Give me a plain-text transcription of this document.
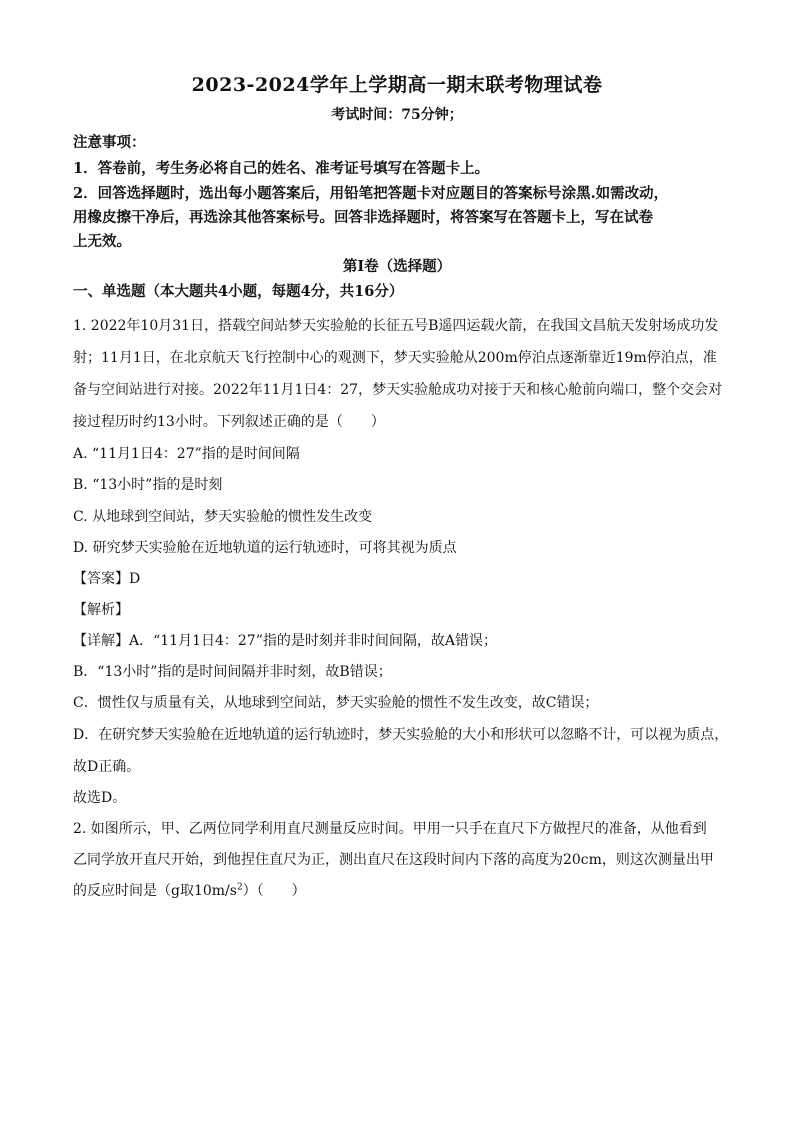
2023-2024学年上学期高一期末联考物理试卷
考试时间：75分钟；
注意事项：
1．答卷前，考生务必将自己的姓名、准考证号填写在答题卡上。
2．回答选择题时，选出每小题答案后，用铅笔把答题卡对应题目的答案标号涂黑.如需改动，
用橡皮擦干净后，再选涂其他答案标号。回答非选择题时，将答案写在答题卡上，写在试卷
上无效。
第Ⅰ卷（选择题）
一、单选题（本大题共4小题，每题4分，共16分）
1. 2022年10月31日，搭载空间站梦天实验舱的长征五号B遥四运载火箭，在我国文昌航天发射场成功发
射；11月1日，在北京航天飞行控制中心的观测下，梦天实验舱从200m停泊点逐渐靠近19m停泊点，准
备与空间站进行对接。2022年11月1日4：27，梦天实验舱成功对接于天和核心舱前向端口，整个交会对
接过程历时约13小时。下列叙述正确的是（　　）
A. “11月1日4：27”指的是时间间隔
B. “13小时”指的是时刻
C. 从地球到空间站，梦天实验舱的惯性发生改变
D. 研究梦天实验舱在近地轨道的运行轨迹时，可将其视为质点
【答案】D
【解析】
【详解】A．“11月1日4：27”指的是时刻并非时间间隔，故A错误；
B．“13小时”指的是时间间隔并非时刻，故B错误；
C．惯性仅与质量有关，从地球到空间站，梦天实验舱的惯性不发生改变，故C错误；
D．在研究梦天实验舱在近地轨道的运行轨迹时，梦天实验舱的大小和形状可以忽略不计，可以视为质点，
故D正确。
故选D。
2. 如图所示，甲、乙两位同学利用直尺测量反应时间。甲用一只手在直尺下方做捏尺的准备，从他看到
乙同学放开直尺开始，到他捏住直尺为正，测出直尺在这段时间内下落的高度为20cm，则这次测量出甲
的反应时间是（g取$10m/s^2$）（　　）
